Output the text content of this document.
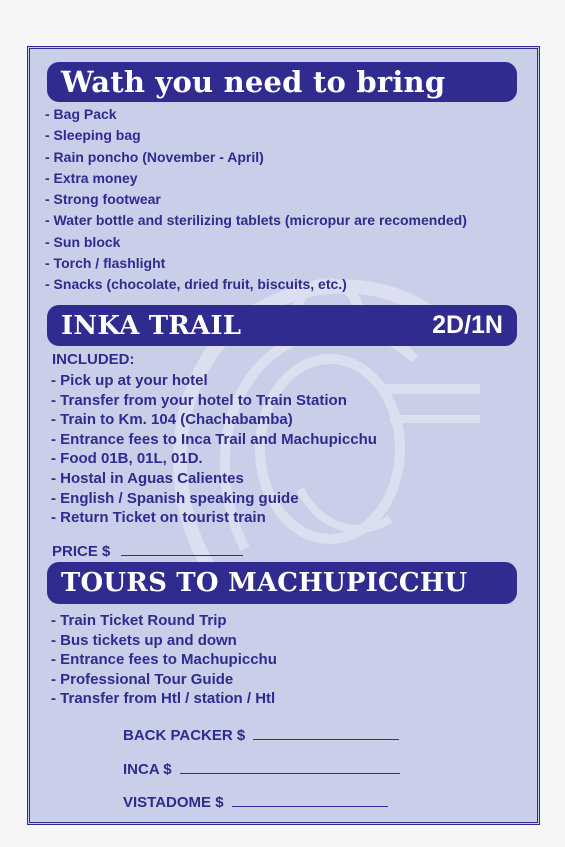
Wath you need to bring
- Bag Pack
- Sleeping bag
- Rain poncho (November - April)
- Extra money
- Strong footwear
- Water bottle and sterilizing tablets (micropur are recomended)
- Sun block
- Torch / flashlight
- Snacks (chocolate, dried fruit, biscuits, etc.)
INKA TRAIL	2D/1N
INCLUDED:
- Pick up at your hotel
- Transfer from your hotel to Train Station
- Train to Km. 104 (Chachabamba)
- Entrance fees to Inca Trail and Machupicchu
- Food 01B, 01L, 01D.
- Hostal in Aguas Calientes
- English / Spanish speaking guide
- Return Ticket on tourist train
PRICE $
TOURS TO MACHUPICCHU
- Train Ticket Round Trip
- Bus tickets up and down
- Entrance fees to Machupicchu
- Professional Tour Guide
- Transfer from Htl / station / Htl
BACK PACKER $
INCA $
VISTADOME $
